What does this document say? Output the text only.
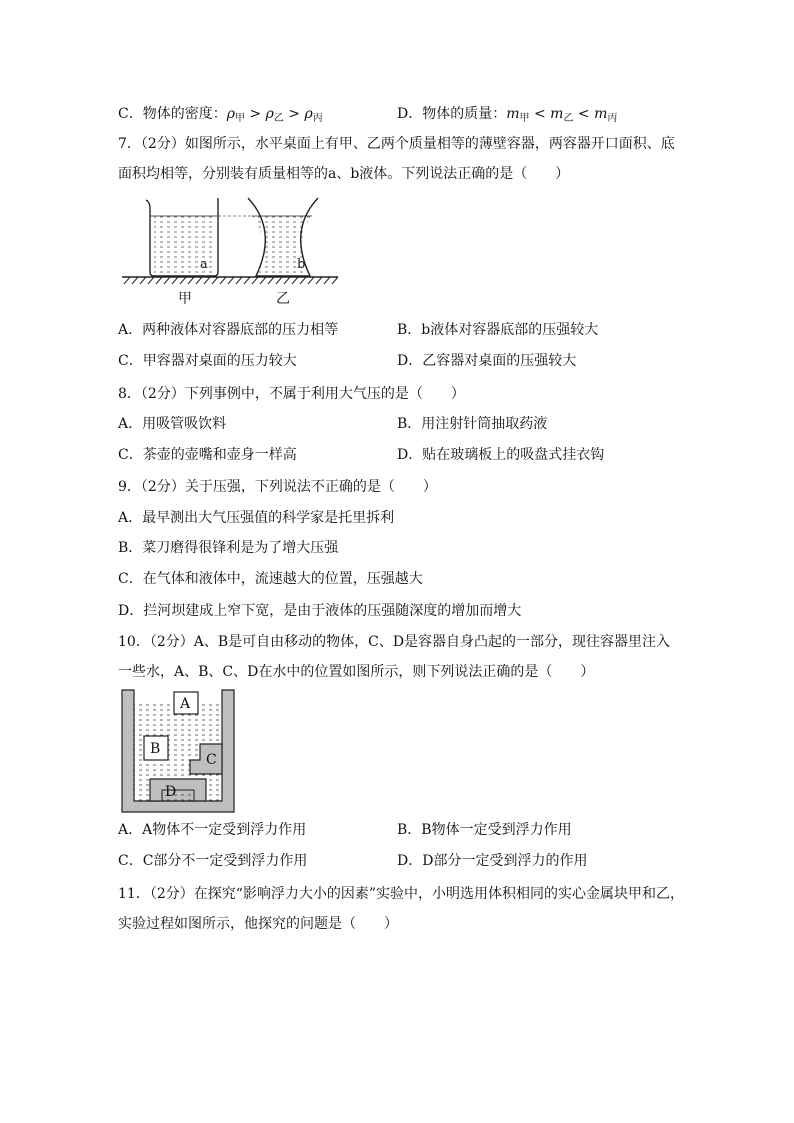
C．物体的密度：$\rho_甲 > \rho_乙 > \rho_丙$	D．物体的质量：$m_甲 < m_乙 < m_丙$
7．（2分）如图所示，水平桌面上有甲、乙两个质量相等的薄壁容器，两容器开口面积、底
面积均相等，分别装有质量相等的a、b液体。下列说法正确的是（　　）
a	b
甲	乙
A．两种液体对容器底部的压力相等	B．b液体对容器底部的压强较大
C．甲容器对桌面的压力较大	D．乙容器对桌面的压强较大
8．（2分）下列事例中，不属于利用大气压的是（　　）
A．用吸管吸饮料	B．用注射针筒抽取药液
C．茶壶的壶嘴和壶身一样高	D．贴在玻璃板上的吸盘式挂衣钩
9．（2分）关于压强，下列说法不正确的是（　　）
A．最早测出大气压强值的科学家是托里拆利
B．菜刀磨得很锋利是为了增大压强
C．在气体和液体中，流速越大的位置，压强越大
D．拦河坝建成上窄下宽，是由于液体的压强随深度的增加而增大
10．（2分）A、B是可自由移动的物体，C、D是容器自身凸起的一部分，现往容器里注入
一些水，A、B、C、D在水中的位置如图所示，则下列说法正确的是（　　）
C
D
A
B
A．A物体不一定受到浮力作用	B．B物体一定受到浮力作用
C．C部分不一定受到浮力作用	D．D部分一定受到浮力的作用
11．（2分）在探究“影响浮力大小的因素”实验中，小明选用体积相同的实心金属块甲和乙，
实验过程如图所示，他探究的问题是（　　）
